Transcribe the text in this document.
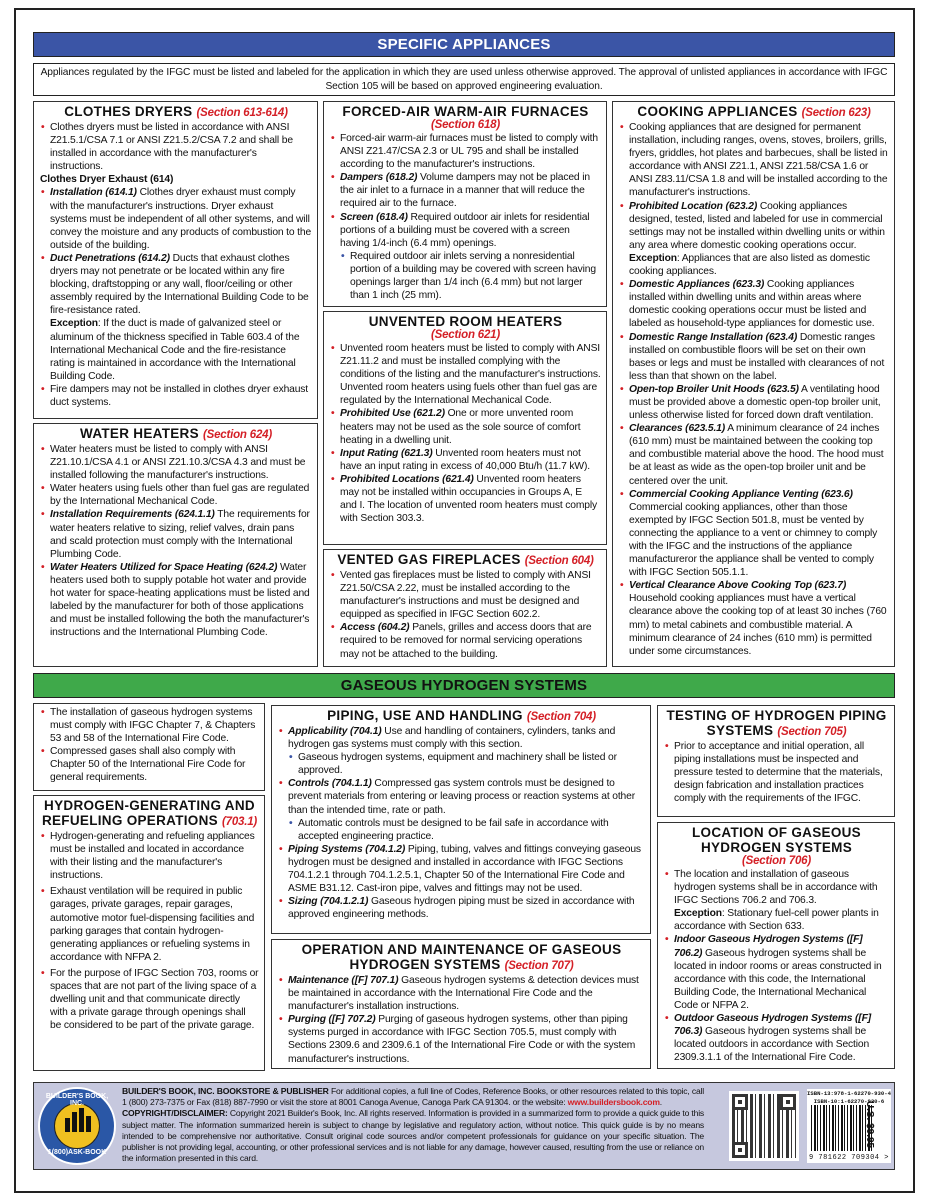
SPECIFIC APPLIANCES
Appliances regulated by the IFGC must be listed and labeled for the application in which they are used unless otherwise approved. The approval of unlisted appliances in accordance with IFGC Section 105 will be based on approved engineering evaluation.
CLOTHES DRYERS (Section 613-614)
• Clothes dryers must be listed in accordance with ANSI Z21.5.1/CSA 7.1 or ANSI Z21.5.2/CSA 7.2 and shall be installed in accordance with the manufacturer's instructions.
Clothes Dryer Exhaust (614)
• Installation (614.1) Clothes dryer exhaust must comply with the manufacturer's instructions. Dryer exhaust systems must be independent of all other systems, and will convey the moisture and any products of combustion to the outside of the building.
• Duct Penetrations (614.2) Ducts that exhaust clothes dryers may not penetrate or be located within any fire blocking, draftstopping or any wall, floor/ceiling or other assembly required by the International Building Code to be fire-resistance rated.
Exception: If the duct is made of galvanized steel or aluminum of the thickness specified in Table 603.4 of the International Mechanical Code and the fire-resistance rating is maintained in accordance with the International Building Code.
• Fire dampers may not be installed in clothes dryer exhaust duct systems.
WATER HEATERS (Section 624)
• Water heaters must be listed to comply with ANSI Z21.10.1/CSA 4.1 or ANSI Z21.10.3/CSA 4.3 and must be installed following the manufacturer's instructions.
• Water heaters using fuels other than fuel gas are regulated by the International Mechanical Code.
• Installation Requirements (624.1.1) The requirements for water heaters relative to sizing, relief valves, drain pans and scald protection must comply with the International Plumbing Code.
• Water Heaters Utilized for Space Heating (624.2) Water heaters used both to supply potable hot water and provide hot water for space-heating applications must be listed and labeled by the manufacturer for both of those applications and must be installed following the both the manufacturer's instructions and the International Plumbing Code.
FORCED-AIR WARM-AIR FURNACES
(Section 618)
• Forced-air warm-air furnaces must be listed to comply with ANSI Z21.47/CSA 2.3 or UL 795 and shall be installed according to the manufacturer's instructions.
• Dampers (618.2) Volume dampers may not be placed in the air inlet to a furnace in a manner that will reduce the required air to the furnace.
• Screen (618.4) Required outdoor air inlets for residential portions of a building must be covered with a screen having 1/4-inch (6.4 mm) openings.
• Required outdoor air inlets serving a nonresidential portion of a building may be covered with screen having openings larger than 1/4 inch (6.4 mm) but not larger than 1 inch (25 mm).
UNVENTED ROOM HEATERS
(Section 621)
• Unvented room heaters must be listed to comply with ANSI Z21.11.2 and must be installed complying with the conditions of the listing and the manufacturer's instructions. Unvented room heaters using fuels other than fuel gas are regulated by the International Mechanical Code.
• Prohibited Use (621.2) One or more unvented room heaters may not be used as the sole source of comfort heating in a dwelling unit.
• Input Rating (621.3) Unvented room heaters must not have an input rating in excess of 40,000 Btu/h (11.7 kW).
• Prohibited Locations (621.4) Unvented room heaters may not be installed within occupancies in Groups A, E and I. The location of unvented room heaters must comply with Section 303.3.
VENTED GAS FIREPLACES (Section 604)
• Vented gas fireplaces must be listed to comply with ANSI Z21.50/CSA 2.22, must be installed according to the manufacturer's instructions and must be designed and equipped as specified in IFGC Section 602.2.
• Access (604.2) Panels, grilles and access doors that are required to be removed for normal servicing operations may not be attached to the building.
COOKING APPLIANCES (Section 623)
• Cooking appliances that are designed for permanent installation, including ranges, ovens, stoves, broilers, grills, fryers, griddles, hot plates and barbecues, shall be listed in accordance with ANSI Z21.1, ANSI Z21.58/CSA 1.6 or ANSI Z83.11/CSA 1.8 and will be installed according to the manufacturer's instructions.
• Prohibited Location (623.2) Cooking appliances designed, tested, listed and labeled for use in commercial settings may not be installed within dwelling units or within any area where domestic cooking operations occur.
Exception: Appliances that are also listed as domestic cooking appliances.
• Domestic Appliances (623.3) Cooking appliances installed within dwelling units and within areas where domestic cooking operations occur must be listed and labeled as household-type appliances for domestic use.
• Domestic Range Installation (623.4) Domestic ranges installed on combustible floors will be set on their own bases or legs and must be installed with clearances of not less than that shown on the label.
• Open-top Broiler Unit Hoods (623.5) A ventilating hood must be provided above a domestic open-top broiler unit, unless otherwise listed for forced down draft ventilation.
• Clearances (623.5.1) A minimum clearance of 24 inches (610 mm) must be maintained between the cooking top and combustible material above the hood. The hood must be at least as wide as the open-top broiler unit and be centered over the unit.
• Commercial Cooking Appliance Venting (623.6) Commercial cooking appliances, other than those exempted by IFGC Section 501.8, must be vented by connecting the appliance to a vent or chimney to comply with the IFGC and the instructions of the appliance manufactureror the appliance shall be vented to comply with IFGC Section 505.1.1.
• Vertical Clearance Above Cooking Top (623.7) Household cooking appliances must have a vertical clearance above the cooking top of at least 30 inches (760 mm) to metal cabinets and combustible material. A minimum clearance of 24 inches (610 mm) is permitted under some circumstances.
GASEOUS HYDROGEN SYSTEMS
• The installation of gaseous hydrogen systems must comply with IFGC Chapter 7, & Chapters 53 and 58 of the International Fire Code.
• Compressed gases shall also comply with Chapter 50 of the International Fire Code for general requirements.
HYDROGEN-GENERATING AND REFUELING OPERATIONS (703.1)
• Hydrogen-generating and refueling appliances must be installed and located in accordance with their listing and the manufacturer's instructions.
• Exhaust ventilation will be required in public garages, private garages, repair garages, automotive motor fuel-dispensing facilities and parking garages that contain hydrogen-generating appliances or refueling systems in accordance with NFPA 2.
• For the purpose of IFGC Section 703, rooms or spaces that are not part of the living space of a dwelling unit and that communicate directly with a private garage through openings shall be considered to be part of the private garage.
PIPING, USE AND HANDLING (Section 704)
• Applicability (704.1) Use and handling of containers, cylinders, tanks and hydrogen gas systems must comply with this section.
• Gaseous hydrogen systems, equipment and machinery shall be listed or approved.
• Controls (704.1.1) Compressed gas system controls must be designed to prevent materials from entering or leaving process or reaction systems at other than the intended time, rate or path.
• Automatic controls must be designed to be fail safe in accordance with accepted engineering practice.
• Piping Systems (704.1.2) Piping, tubing, valves and fittings conveying gaseous hydrogen must be designed and installed in accordance with IFGC Sections 704.1.2.1 through 704.1.2.5.1, Chapter 50 of the International Fire Code and ASME B31.12. Cast-iron pipe, valves and fittings may not be used.
• Sizing (704.1.2.1) Gaseous hydrogen piping must be sized in accordance with approved engineering methods.
OPERATION AND MAINTENANCE OF GASEOUS HYDROGEN SYSTEMS (Section 707)
• Maintenance ([F] 707.1) Gaseous hydrogen systems & detection devices must be maintained in accordance with the International Fire Code and the manufacturer's installation instructions.
• Purging ([F] 707.2) Purging of gaseous hydrogen systems, other than piping systems purged in accordance with IFGC Section 705.5, must comply with Sections 2309.6 and 2309.6.1 of the International Fire Code or with the system manufacturer's instructions.
TESTING OF HYDROGEN PIPING SYSTEMS (Section 705)
• Prior to acceptance and initial operation, all piping installations must be inspected and pressure tested to determine that the materials, design fabrication and installation practices comply with the requirements of the IFGC.
LOCATION OF GASEOUS HYDROGEN SYSTEMS
(Section 706)
• The location and installation of gaseous hydrogen systems shall be in accordance with IFGC Sections 706.2 and 706.3.
Exception: Stationary fuel-cell power plants in accordance with Section 633.
• Indoor Gaseous Hydrogen Systems ([F] 706.2) Gaseous hydrogen systems shall be located in indoor rooms or areas constructed in accordance with this code, the International Building Code, the International Mechanical Code or NFPA 2.
• Outdoor Gaseous Hydrogen Systems ([F] 706.3) Gaseous hydrogen systems shall be located outdoors in accordance with Section 2309.3.1.1 of the International Fire Code.
BUILDER'S BOOK, INC.
1(800)ASK-BOOK
BUILDER'S BOOK, INC. BOOKSTORE & PUBLISHER For additional copies, a full line of Codes, Reference Books, or other resources related to this topic, call 1 (800) 273-7375 or Fax (818) 887-7990 or visit the store at 8001 Canoga Avenue, Canoga Park CA 91304. or the website: www.buildersbook.com.
COPYRIGHT/DISCLAIMER: Copyright 2021 Builder's Book, Inc. All rights reserved. Information is provided in a summarized form to provide a quick guide to this subject matter. The information summarized herein is subject to change by legislative and regulatory action, without notice. This quick guide is by no means intended to be comprehensive nor authoritative. Consult original code sources and/or competent professionals for guidance on your specific situation. The publisher is not providing legal, accounting, or other professional services and is not liable for any damage, however caused, resulting from the use or reliance on the information presented in this card.
ISBN-13:978-1-62270-930-4
ISBN-10:1-62270-930-6
9 781622 709304 >
U.S. $9.95
